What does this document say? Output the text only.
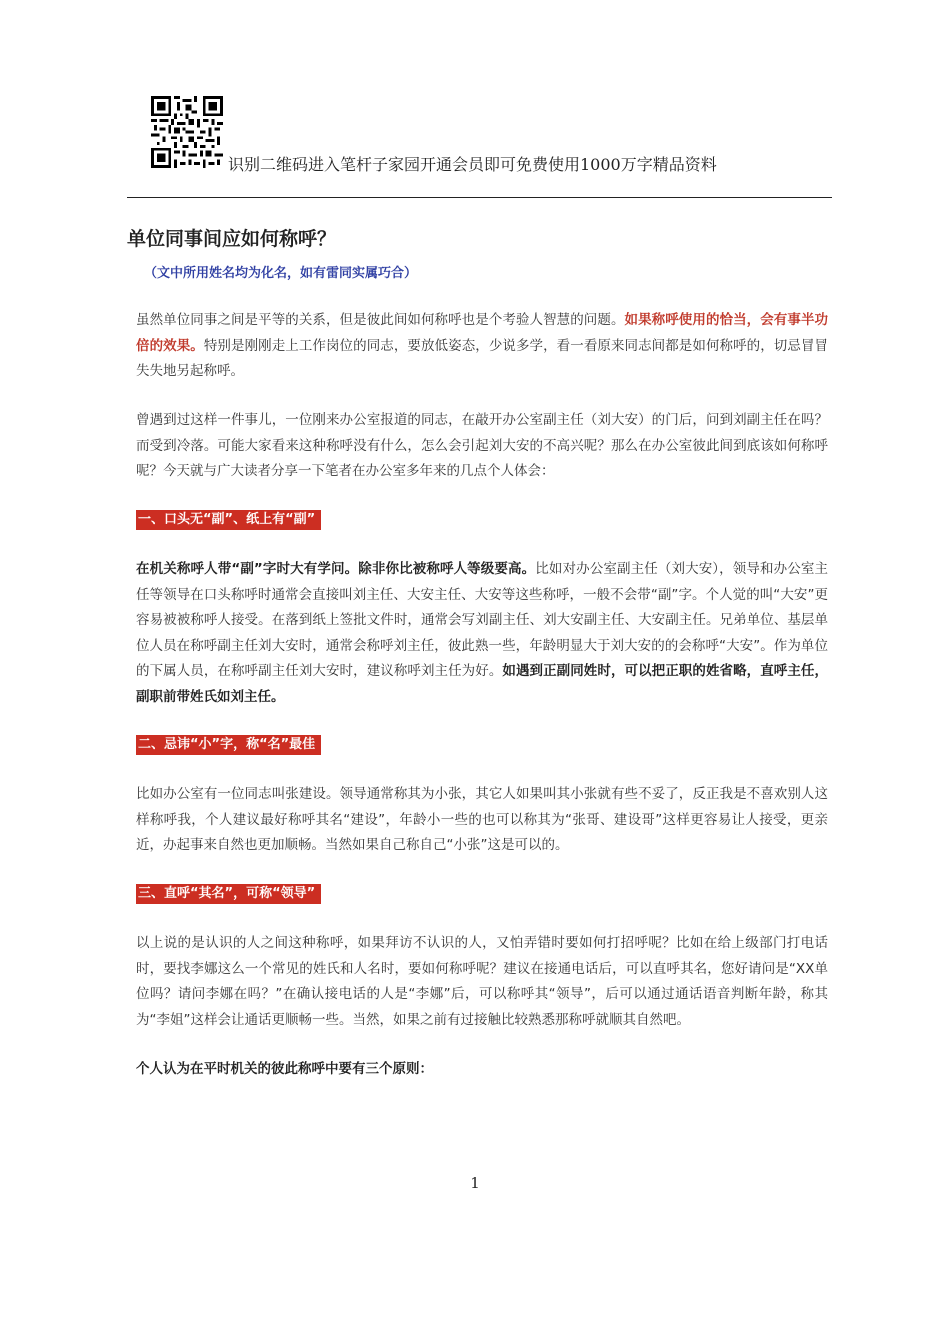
识别二维码进入笔杆子家园开通会员即可免费使用1000万字精品资料
单位同事间应如何称呼？
（文中所用姓名均为化名，如有雷同实属巧合）
虽然单位同事之间是平等的关系，但是彼此间如何称呼也是个考验人智慧的问题。如果称呼使用的恰当，会有事半功倍的效果。特别是刚刚走上工作岗位的同志，要放低姿态，少说多学，看一看原来同志间都是如何称呼的，切忌冒冒失失地另起称呼。
曾遇到过这样一件事儿，一位刚来办公室报道的同志，在敲开办公室副主任（刘大安）的门后，问到刘副主任在吗？而受到冷落。可能大家看来这种称呼没有什么，怎么会引起刘大安的不高兴呢？那么在办公室彼此间到底该如何称呼呢？今天就与广大读者分享一下笔者在办公室多年来的几点个人体会：
一、口头无“副”、纸上有“副”
在机关称呼人带“副”字时大有学问。除非你比被称呼人等级要高。比如对办公室副主任（刘大安），领导和办公室主任等领导在口头称呼时通常会直接叫刘主任、大安主任、大安等这些称呼，一般不会带“副”字。个人觉的叫“大安”更容易被被称呼人接受。在落到纸上签批文件时，通常会写刘副主任、刘大安副主任、大安副主任。兄弟单位、基层单位人员在称呼副主任刘大安时，通常会称呼刘主任，彼此熟一些，年龄明显大于刘大安的的会称呼“大安”。作为单位的下属人员，在称呼副主任刘大安时，建议称呼刘主任为好。如遇到正副同姓时，可以把正职的姓省略，直呼主任，副职前带姓氏如刘主任。
二、忌讳“小”字，称“名”最佳
比如办公室有一位同志叫张建设。领导通常称其为小张，其它人如果叫其小张就有些不妥了，反正我是不喜欢别人这样称呼我，个人建议最好称呼其名“建设”，年龄小一些的也可以称其为“张哥、建设哥”这样更容易让人接受，更亲近，办起事来自然也更加顺畅。当然如果自己称自己“小张”这是可以的。
三、直呼“其名”，可称“领导”
以上说的是认识的人之间这种称呼，如果拜访不认识的人，又怕弄错时要如何打招呼呢？比如在给上级部门打电话时，要找李娜这么一个常见的姓氏和人名时，要如何称呼呢？建议在接通电话后，可以直呼其名，您好请问是“XX单位吗？请问李娜在吗？”在确认接电话的人是“李娜”后，可以称呼其“领导”，后可以通过通话语音判断年龄，称其为“李姐”这样会让通话更顺畅一些。当然，如果之前有过接触比较熟悉那称呼就顺其自然吧。
个人认为在平时机关的彼此称呼中要有三个原则：
1
